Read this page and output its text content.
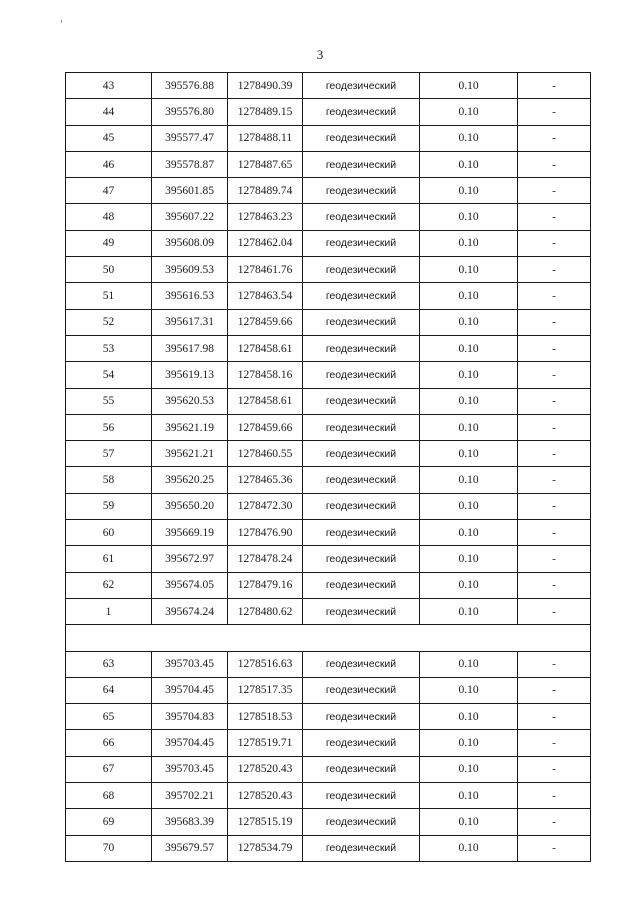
3
43	395576.88	1278490.39	геодезический	0.10	-
44	395576.80	1278489.15	геодезический	0.10	-
45	395577.47	1278488.11	геодезический	0.10	-
46	395578.87	1278487.65	геодезический	0.10	-
47	395601.85	1278489.74	геодезический	0.10	-
48	395607.22	1278463.23	геодезический	0.10	-
49	395608.09	1278462.04	геодезический	0.10	-
50	395609.53	1278461.76	геодезический	0.10	-
51	395616.53	1278463.54	геодезический	0.10	-
52	395617.31	1278459.66	геодезический	0.10	-
53	395617.98	1278458.61	геодезический	0.10	-
54	395619.13	1278458.16	геодезический	0.10	-
55	395620.53	1278458.61	геодезический	0.10	-
56	395621.19	1278459.66	геодезический	0.10	-
57	395621.21	1278460.55	геодезический	0.10	-
58	395620.25	1278465.36	геодезический	0.10	-
59	395650.20	1278472.30	геодезический	0.10	-
60	395669.19	1278476.90	геодезический	0.10	-
61	395672.97	1278478.24	геодезический	0.10	-
62	395674.05	1278479.16	геодезический	0.10	-
1	395674.24	1278480.62	геодезический	0.10	-

63	395703.45	1278516.63	геодезический	0.10	-
64	395704.45	1278517.35	геодезический	0.10	-
65	395704.83	1278518.53	геодезический	0.10	-
66	395704.45	1278519.71	геодезический	0.10	-
67	395703.45	1278520.43	геодезический	0.10	-
68	395702.21	1278520.43	геодезический	0.10	-
69	395683.39	1278515.19	геодезический	0.10	-
70	395679.57	1278534.79	геодезический	0.10	-
